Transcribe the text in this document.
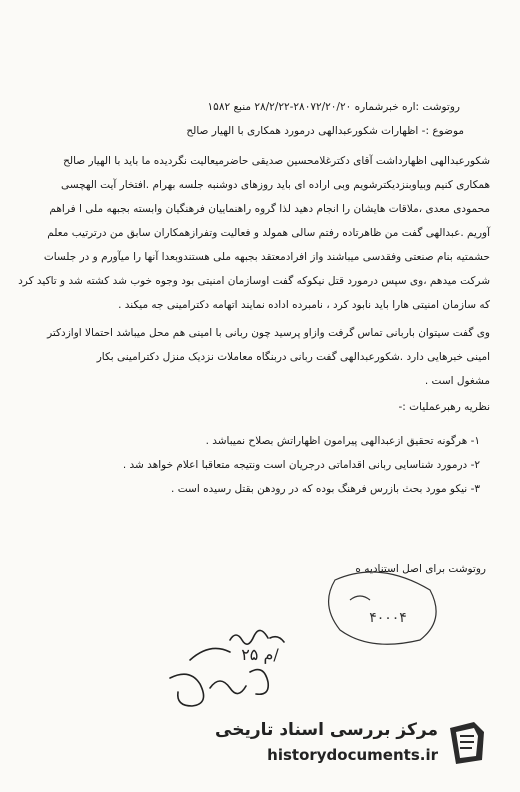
روتوشت :اره خبرشماره ۲۸۰۷۲/۲۰/۲۰-۲۸/۲/۲۲ منبع ۱۵۸۲
موضوع :- اظهارات شکورعبدالهی درمورد همکاری با الهیار صالح
شکورعبدالهی اظهارداشت آقای دکترغلامحسین صدیقی حاضرمیعالیت نگردیده ما باید با الهیار صالح
همکاری کنیم وبیاوبنزدیکترشویم وبی اراده ای باید روزهای دوشنبه جلسه بهرام .افتخار آیت الهچسی
محمودی معدی ،ملاقات هایشان را انجام دهید لذا گروه راهنماییان فرهنگیان وابسته بجبهه ملی ا فراهم
آوریم .عبدالهی گفت من ظاهرتاده رفتم سالی همولد و فعالیت وتفرازهمکاران سابق من درترتیب معلم
حشمتیه بنام صنعتی وفقدسی میباشند واز افرادمعتقد بجبهه ملی هستندوبعدا آنها را میآورم و در جلسات
شرکت میدهم ،وی سپس درمورد قتل نیکوکه گفت اوسازمان امنیتی بود وجوه خوب شد کشته شد و تاکید کرد
که سازمان امنیتی هارا باید نابود کرد ، نامبرده اداده نمایند اتهامه دکترامینی جه میکند .
وی گفت سیتوان باربانی تماس گرفت وازاو پرسید چون ربانی با امینی هم محل میباشد احتمالا اوازدکتر
امینی خبرهایی دارد .شکورعبدالهی گفت ربانی دربنگاه معاملات نزدیک منزل دکترامینی بکار
مشغول است .
نظریه رهبرعملیات :-
۱- هرگونه تحقیق ازعبدالهی پیرامون اظهاراتش بصلاح نمیباشد .
۲- درمورد شناسایی ربانی اقداماتی درجریان است ونتیجه متعاقبا اعلام خواهد شد .
۳- نیکو مورد بحث بازرس فرهنگ بوده که در رودهن بقتل رسیده است .
روتوشت برای اصل استنادیه ه
۴۰۰۰۴
م ۲۵/
مرکز بررسی اسناد تاریخی
historydocuments.ir
